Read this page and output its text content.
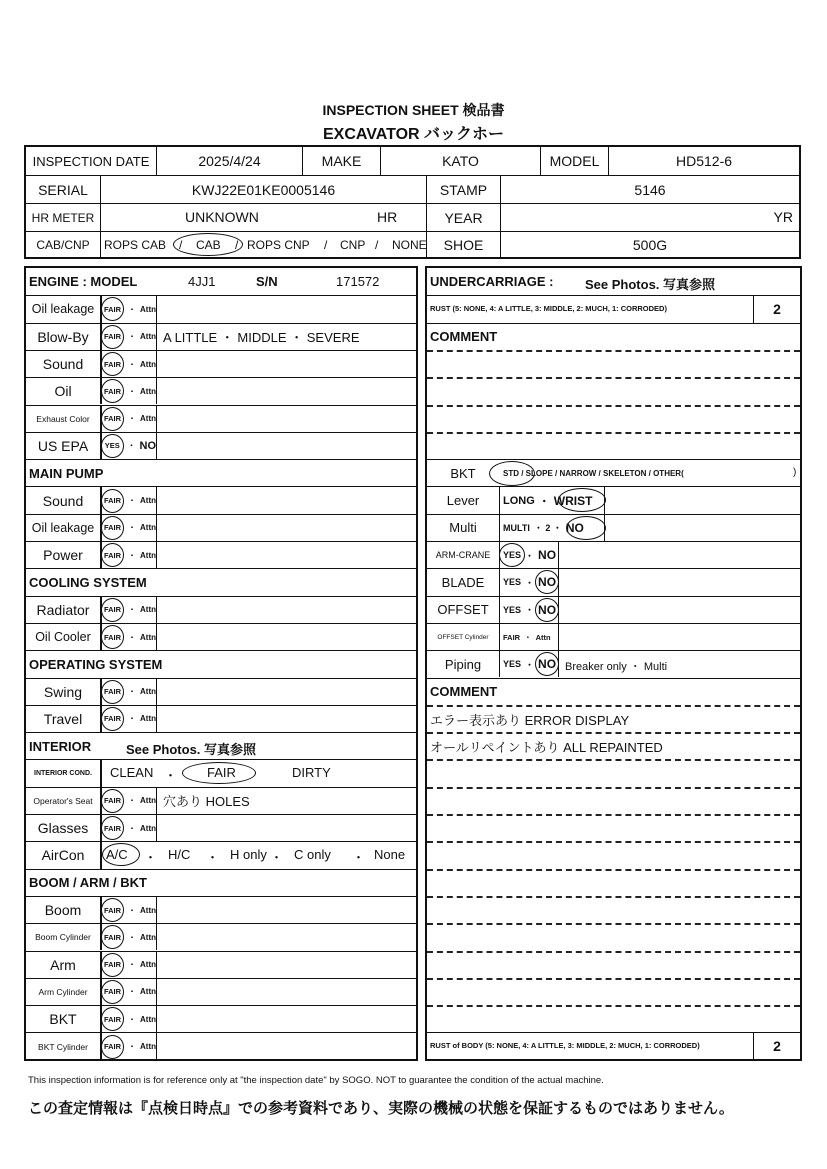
INSPECTION SHEET 検品書
EXCAVATOR バックホー
INSPECTION DATE	2025/4/24	MAKE	KATO	MODEL	HD512-6
SERIAL	KWJ22E01KE0005146	STAMP	5146
HR METER	UNKNOWN	HR	YEAR	YR
CAB/CNP	ROPS CAB / CAB / ROPS CNP / CNP / NONE	SHOE	500G
ENGINE : MODEL	4JJ1	S/N	171572
Oil leakage	FAIR ・ Attn
Blow-By	FAIR ・ Attn A LITTLE ・ MIDDLE ・ SEVERE
Sound	FAIR ・ Attn
Oil	FAIR ・ Attn
Exhaust Color	FAIR ・ Attn
US EPA	YES ・ NO
MAIN PUMP
Sound	FAIR ・ Attn
Oil leakage	FAIR ・ Attn
Power	FAIR ・ Attn
COOLING SYSTEM
Radiator	FAIR ・ Attn
Oil Cooler	FAIR ・ Attn
OPERATING SYSTEM
Swing	FAIR ・ Attn
Travel	FAIR ・ Attn
INTERIOR	See Photos. 写真参照
INTERIOR COND.	CLEAN	FAIR	DIRTY
・
Operator's Seat	FAIR ・ Attn 穴あり HOLES
Glasses	FAIR ・ Attn
AirCon	A/C ・ H/C ・ H only ・ C only ・ None
BOOM / ARM / BKT
Boom	FAIR ・ Attn
Boom Cylinder	FAIR ・ Attn
Arm	FAIR ・ Attn
Arm Cylinder	FAIR ・ Attn
BKT	FAIR ・ Attn
BKT Cylinder	FAIR ・ Attn
UNDERCARRIAGE : See Photos. 写真参照
RUST (5: NONE, 4: A LITTLE, 3: MIDDLE, 2: MUCH, 1: CORRODED)	2
COMMENT
BKT	STD / SLOPE / NARROW / SKELETON / OTHER(	)
Lever	LONG ・ WRIST
Multi	MULTI ・ 2 ・ NO
ARM-CRANE	YES ・ NO
BLADE	YES ・ NO
OFFSET	YES ・ NO
OFFSET Cylinder	FAIR ・ Attn
Piping	YES ・ NO Breaker only ・ Multi
COMMENT
エラー表示あり ERROR DISPLAY
オールリペイントあり ALL REPAINTED
RUST of BODY (5: NONE, 4: A LITTLE, 3: MIDDLE, 2: MUCH, 1: CORRODED)	2
This inspection information is for reference only at "the inspection date" by SOGO. NOT to guarantee the condition of the actual machine.
この査定情報は『点検日時点』での参考資料であり、実際の機械の状態を保証するものではありません。
